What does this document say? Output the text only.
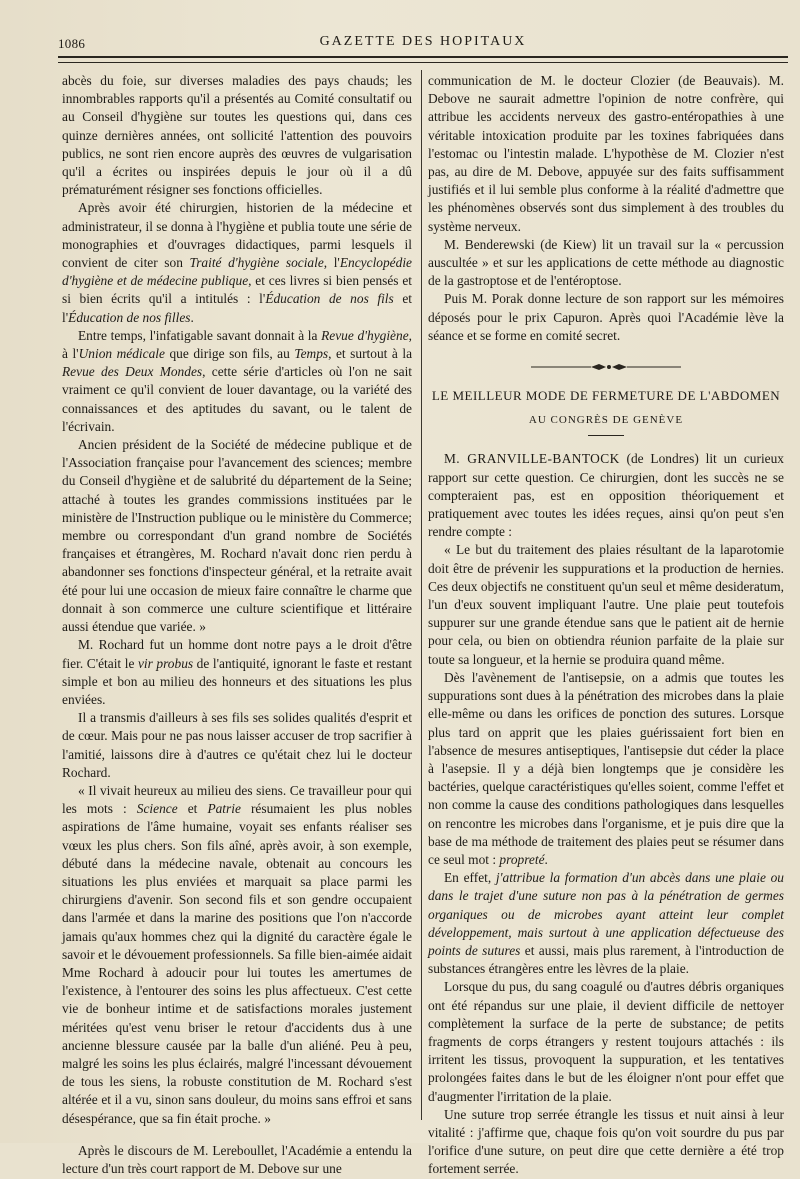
1086	GAZETTE DES HOPITAUX

abcès du foie, sur diverses maladies des pays chauds; les innombrables rapports qu'il a présentés au Comité consultatif ou au Conseil d'hygiène sur toutes les questions qui, dans ces quinze dernières années, ont sollicité l'attention des pouvoirs publics, ne sont rien encore auprès des œuvres de vulgarisation qu'il a écrites ou inspirées depuis le jour où il a dû prématurément résigner ses fonctions officielles.

Après avoir été chirurgien, historien de la médecine et administrateur, il se donna à l'hygiène et publia toute une série de monographies et d'ouvrages didactiques, parmi lesquels il convient de citer son Traité d'hygiène sociale, l'Encyclopédie d'hygiène et de médecine publique, et ces livres si bien pensés et si bien écrits qu'il a intitulés : l'Éducation de nos fils et l'Éducation de nos filles.

Entre temps, l'infatigable savant donnait à la Revue d'hygiène, à l'Union médicale que dirige son fils, au Temps, et surtout à la Revue des Deux Mondes, cette série d'articles où l'on ne sait vraiment ce qu'il convient de louer davantage, ou la variété des connaissances et des aptitudes du savant, ou le talent de l'écrivain.

Ancien président de la Société de médecine publique et de l'Association française pour l'avancement des sciences; membre du Conseil d'hygiène et de salubrité du département de la Seine; attaché à toutes les grandes commissions instituées par le ministère de l'Instruction publique ou le ministère du Commerce; membre ou correspondant d'un grand nombre de Sociétés françaises et étrangères, M. Rochard n'avait donc rien perdu à abandonner ses fonctions d'inspecteur général, et la retraite avait été pour lui une occasion de mieux faire connaître le charme que donnait à son commerce une culture scientifique et littéraire aussi étendue que variée. »

M. Rochard fut un homme dont notre pays a le droit d'être fier. C'était le vir probus de l'antiquité, ignorant le faste et restant simple et bon au milieu des honneurs et des situations les plus enviées.

Il a transmis d'ailleurs à ses fils ses solides qualités d'esprit et de cœur. Mais pour ne pas nous laisser accuser de trop sacrifier à l'amitié, laissons dire à d'autres ce qu'était chez lui le docteur Rochard.

« Il vivait heureux au milieu des siens. Ce travailleur pour qui les mots : Science et Patrie résumaient les plus nobles aspirations de l'âme humaine, voyait ses enfants réaliser ses vœux les plus chers. Son fils aîné, après avoir, à son exemple, débuté dans la médecine navale, obtenait au concours les situations les plus enviées et marquait sa place parmi les chirurgiens d'avenir. Son second fils et son gendre occupaient dans l'armée et dans la marine des positions que l'on n'accorde jamais qu'aux hommes chez qui la dignité du caractère égale le savoir et le dévouement professionnels. Sa fille bien-aimée aidait Mme Rochard à adoucir pour lui toutes les amertumes de l'existence, à l'entourer des soins les plus affectueux. C'est cette vie de bonheur intime et de satisfactions morales justement méritées qu'est venu briser le retour d'accidents dus à une ancienne blessure causée par la balle d'un aliéné. Peu à peu, malgré les soins les plus éclairés, malgré l'incessant dévouement de tous les siens, la robuste constitution de M. Rochard s'est altérée et il a vu, sinon sans douleur, du moins sans effroi et sans désespérance, que sa fin était proche. »

Après le discours de M. Lereboullet, l'Académie a entendu la lecture d'un très court rapport de M. Debove sur une

communication de M. le docteur Clozier (de Beauvais). M. Debove ne saurait admettre l'opinion de notre confrère, qui attribue les accidents nerveux des gastro-entéropathies à une véritable intoxication produite par les toxines fabriquées dans l'estomac ou l'intestin malade. L'hypothèse de M. Clozier n'est pas, au dire de M. Debove, appuyée sur des faits suffisamment justifiés et il lui semble plus conforme à la réalité d'admettre que les phénomènes observés sont dus simplement à des troubles du système nerveux.

M. Benderewski (de Kiew) lit un travail sur la « percussion auscultée » et sur les applications de cette méthode au diagnostic de la gastroptose et de l'entéroptose.

Puis M. Porak donne lecture de son rapport sur les mémoires déposés pour le prix Capuron. Après quoi l'Académie lève la séance et se forme en comité secret.

LE MEILLEUR MODE DE FERMETURE DE L'ABDOMEN
AU CONGRÈS DE GENÈVE

M. GRANVILLE-BANTOCK (de Londres) lit un curieux rapport sur cette question. Ce chirurgien, dont les succès ne se compteraient pas, est en opposition théoriquement et pratiquement avec toutes les idées reçues, ainsi qu'on peut s'en rendre compte :

« Le but du traitement des plaies résultant de la laparotomie doit être de prévenir les suppurations et la production de hernies. Ces deux objectifs ne constituent qu'un seul et même desideratum, l'un d'eux souvent impliquant l'autre. Une plaie peut toutefois suppurer sur une grande étendue sans que le patient ait de hernie pour cela, ou bien on obtiendra réunion parfaite de la plaie sur toute sa longueur, et la hernie se produira quand même.

Dès l'avènement de l'antisepsie, on a admis que toutes les suppurations sont dues à la pénétration des microbes dans la plaie elle-même ou dans les orifices de ponction des sutures. Lorsque plus tard on apprit que les plaies guérissaient fort bien en l'absence de mesures antiseptiques, l'antisepsie dut céder la place à l'asepsie. Il y a déjà bien longtemps que je considère les bactéries, quelque caractéristiques qu'elles soient, comme l'effet et non comme la cause des conditions pathologiques dans lesquelles on rencontre les microbes dans l'organisme, et je puis dire que la base de ma méthode de traitement des plaies peut se résumer dans ce seul mot : propreté.

En effet, j'attribue la formation d'un abcès dans une plaie ou dans le trajet d'une suture non pas à la pénétration de germes organiques ou de microbes ayant atteint leur complet développement, mais surtout à une application défectueuse des points de sutures et aussi, mais plus rarement, à l'introduction de substances étrangères entre les lèvres de la plaie.

Lorsque du pus, du sang coagulé ou d'autres débris organiques ont été répandus sur une plaie, il devient difficile de nettoyer complètement la surface de la perte de substance; de petits fragments de corps étrangers y restent toujours attachés : ils irritent les tissus, provoquent la suppuration, et les tentatives prolongées faites dans le but de les éloigner n'ont pour effet que d'augmenter l'irritation de la plaie.

Une suture trop serrée étrangle les tissus et nuit ainsi à leur vitalité : j'affirme que, chaque fois qu'on voit sourdre du pus par l'orifice d'une suture, on peut dire que cette dernière a été trop fortement serrée.
